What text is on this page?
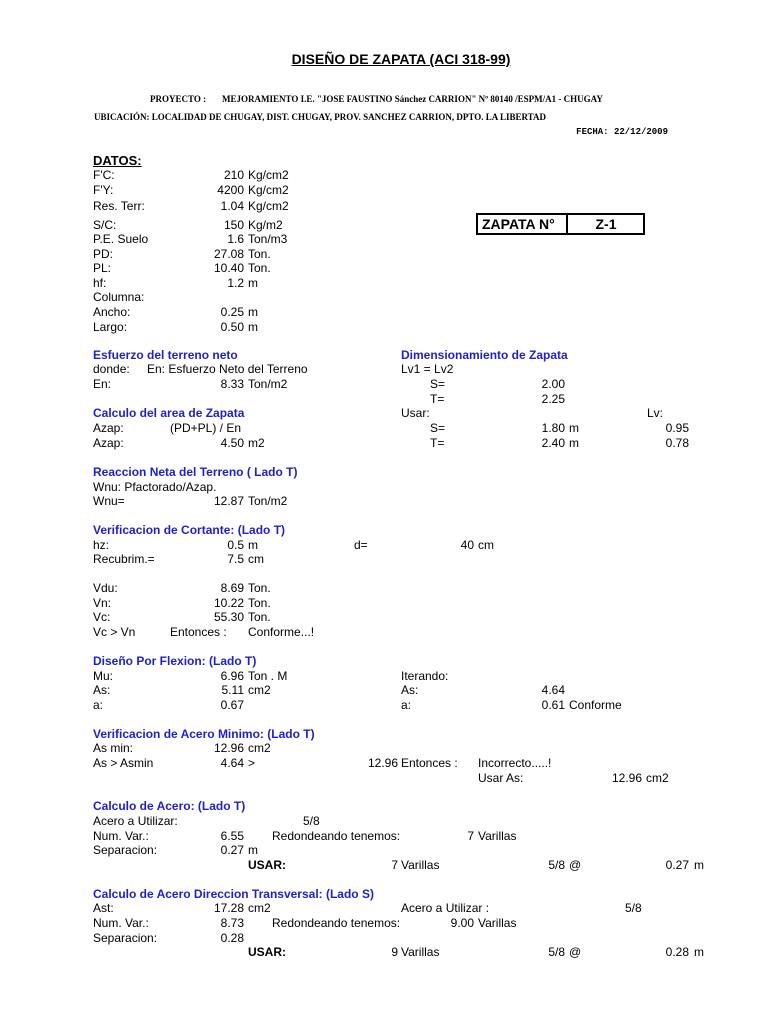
DISEÑO DE ZAPATA (ACI 318-99)
PROYECTO : MEJORAMIENTO I.E. "JOSE FAUSTINO Sánchez CARRION" Nº 80140 /ESPM/A1 - CHUGAY
UBICACIÓN: LOCALIDAD DE CHUGAY, DIST. CHUGAY, PROV. SANCHEZ CARRION, DPTO. LA LIBERTAD
FECHA: 22/12/2009
ZAPATA N°	Z-1
DATOS:
F'C:	210 Kg/cm2
F'Y:	4200 Kg/cm2
Res. Terr:	1.04 Kg/cm2
S/C:	150 Kg/m2
P.E. Suelo	1.6 Ton/m3
PD:	27.08 Ton.
PL:	10.40 Ton.
hf:	1.2 m
Columna:
Ancho:	0.25 m
Largo:	0.50 m
Esfuerzo del terreno neto
donde: En: Esfuerzo Neto del Terreno
En:	8.33 Ton/m2
Dimensionamiento de Zapata
Lv1 = Lv2
S=	2.00
T=	2.25
Usar:	Lv:
S=	1.80 m	0.95
T=	2.40 m	0.78
Calculo del area de Zapata
Azap:	(PD+PL) / En
Azap:	4.50 m2
Reaccion Neta del Terreno ( Lado T)
Wnu: Pfactorado/Azap.
Wnu=	12.87 Ton/m2
Verificacion de Cortante: (Lado T)
hz:	0.5 m	d=	40 cm
Recubrim.=	7.5 cm
Vdu:	8.69 Ton.
Vn:	10.22 Ton.
Vc:	55.30 Ton.
Vc > Vn	Entonces : Conforme...!
Diseño Por Flexion: (Lado T)
Mu:	6.96 Ton . M
As:	5.11 cm2
a:	0.67
Iterando:
As:	4.64
a:	0.61 Conforme
Verificacion de Acero Minimo: (Lado T)
As min:	12.96 cm2
As > Asmin	4.64 >	12.96 Entonces : Incorrecto.....!
Usar As:	12.96 cm2
Calculo de Acero: (Lado T)
Acero a Utilizar:	5/8
Num. Var.:	6.55 Redondeando tenemos:	7 Varillas
Separacion:	0.27 m
USAR:	7 Varillas	5/8 @	0.27 m
Calculo de Acero Direccion Transversal: (Lado S)
Ast:	17.28 cm2	Acero a Utilizar :	5/8
Num. Var.:	8.73 Redondeando tenemos:	9.00 Varillas
Separacion:	0.28
USAR:	9 Varillas	5/8 @	0.28 m
